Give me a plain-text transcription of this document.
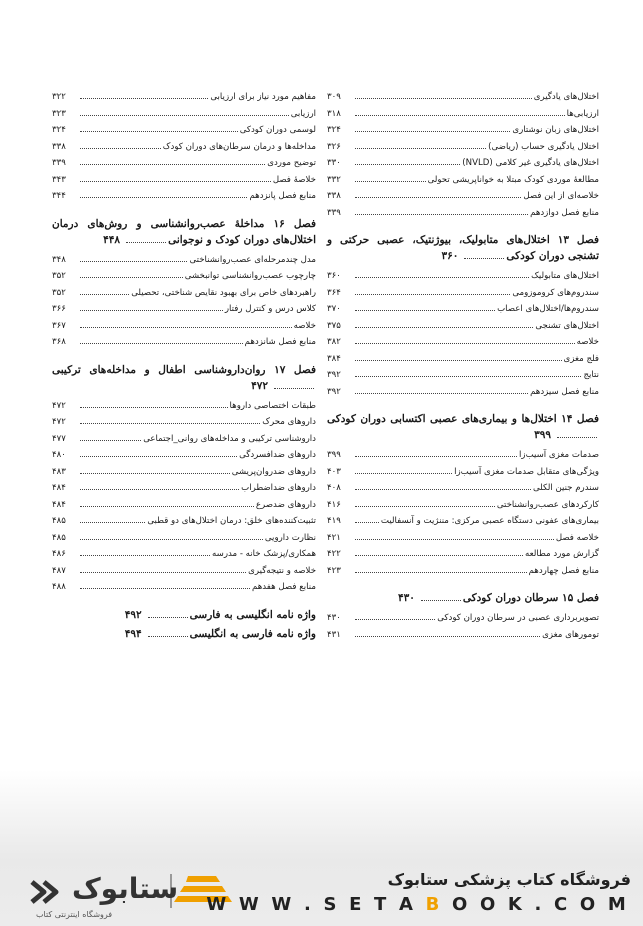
اختلال‌های یادگیری
۳۰۹
ارزیابی‌ها
۳۱۸
اختلال‌های زبان نوشتاری
۳۲۴
اختلال یادگیری حساب (ریاضی)
۳۲۶
اختلال‌های یادگیری غیر کلامی (NVLD)
۳۳۰
مطالعهٔ موردی کودک مبتلا به خواناپریشی تحولی
۳۳۲
خلاصه‌ای از این فصل
۳۳۸
منابع فصل دوازدهم
۳۳۹
فصل ۱۳ اختلال‌های متابولیک، بیوژنتیک، عصبی حرکتی و تشنجی دوران کودکی۳۶۰
اختلال‌های متابولیک
۳۶۰
سندروم‌های کروموزومی
۳۶۴
سندروم‌ها/اختلال‌های اعصاب
۳۷۰
اختلال‌های تشنجی
۳۷۵
خلاصه
۳۸۲
فلج مغزی
۳۸۴
نتایج
۳۹۲
منابع فصل سیزدهم
۳۹۲
فصل ۱۴ اختلال‌ها و بیماری‌های عصبی اکتسابی دوران کودکی۳۹۹
صدمات مغزی آسیب‌زا
۳۹۹
ویژگی‌های متقابل صدمات مغزی آسیب‌زا
۴۰۳
سندرم جنین الکلی
۴۰۸
کارکردهای عصب‌روانشناختی
۴۱۶
بیماری‌های عفونی دستگاه عصبی مرکزی: مننژیت و آنسفالیت
۴۱۹
خلاصه فصل
۴۲۱
گزارش مورد مطالعه
۴۲۲
منابع فصل چهاردهم
۴۲۳
فصل ۱۵ سرطان دوران کودکی۴۳۰
تصویربرداری عصبی در سرطان دوران کودکی
۴۳۰
تومورهای مغزی
۴۳۱
مفاهیم مورد نیاز برای ارزیابی
۳۲۲
ارزیابی
۳۲۳
لوسمی دوران کودکی
۳۲۴
مداخله‌ها و درمان سرطان‌های دوران کودک
۳۳۸
توضیح موردی
۳۳۹
خلاصهٔ فصل
۳۴۳
منابع فصل پانزدهم
۳۴۴
فصل ۱۶ مداخلهٔ عصب‌روانشناسی و روش‌های درمان اختلال‌های دوران کودک و نوجوانی۴۴۸
مدل چندمرحله‌ای عصب‌روانشناختی
۳۴۸
چارچوب عصب‌روانشناسی توانبخشی
۳۵۲
راهبردهای خاص برای بهبود نقایص شناختی، تحصیلی
۳۵۲
کلاس درس و کنترل رفتار
۳۶۶
خلاصه
۳۶۷
منابع فصل شانزدهم
۳۶۸
فصل ۱۷ روان‌داروشناسی اطفال و مداخله‌های ترکیبی۴۷۲
طبقات اختصاصی داروها
۴۷۲
داروهای محرک
۴۷۲
داروشناسی ترکیبی و مداخله‌های روانی_اجتماعی
۴۷۷
داروهای ضدافسردگی
۴۸۰
داروهای ضدروان‌پریشی
۴۸۳
داروهای ضداضطراب
۴۸۴
داروهای ضدصرع
۴۸۴
تثبیت‌کننده‌های خلق: درمان اختلال‌های دو قطبی
۴۸۵
نظارت دارویی
۴۸۵
همکاری/پزشک خانه - مدرسه
۴۸۶
خلاصه و نتیجه‌گیری
۴۸۷
منابع فصل هفدهم
۴۸۸
واژه نامه انگلیسی به فارسی۴۹۲
واژه نامه فارسی به انگلیسی۴۹۴
ستابوک
فروشگاه اینترنتی کتاب
فروشگاه کتاب پزشکی ستابوک
W W W . S E T A B O O K . C O M
